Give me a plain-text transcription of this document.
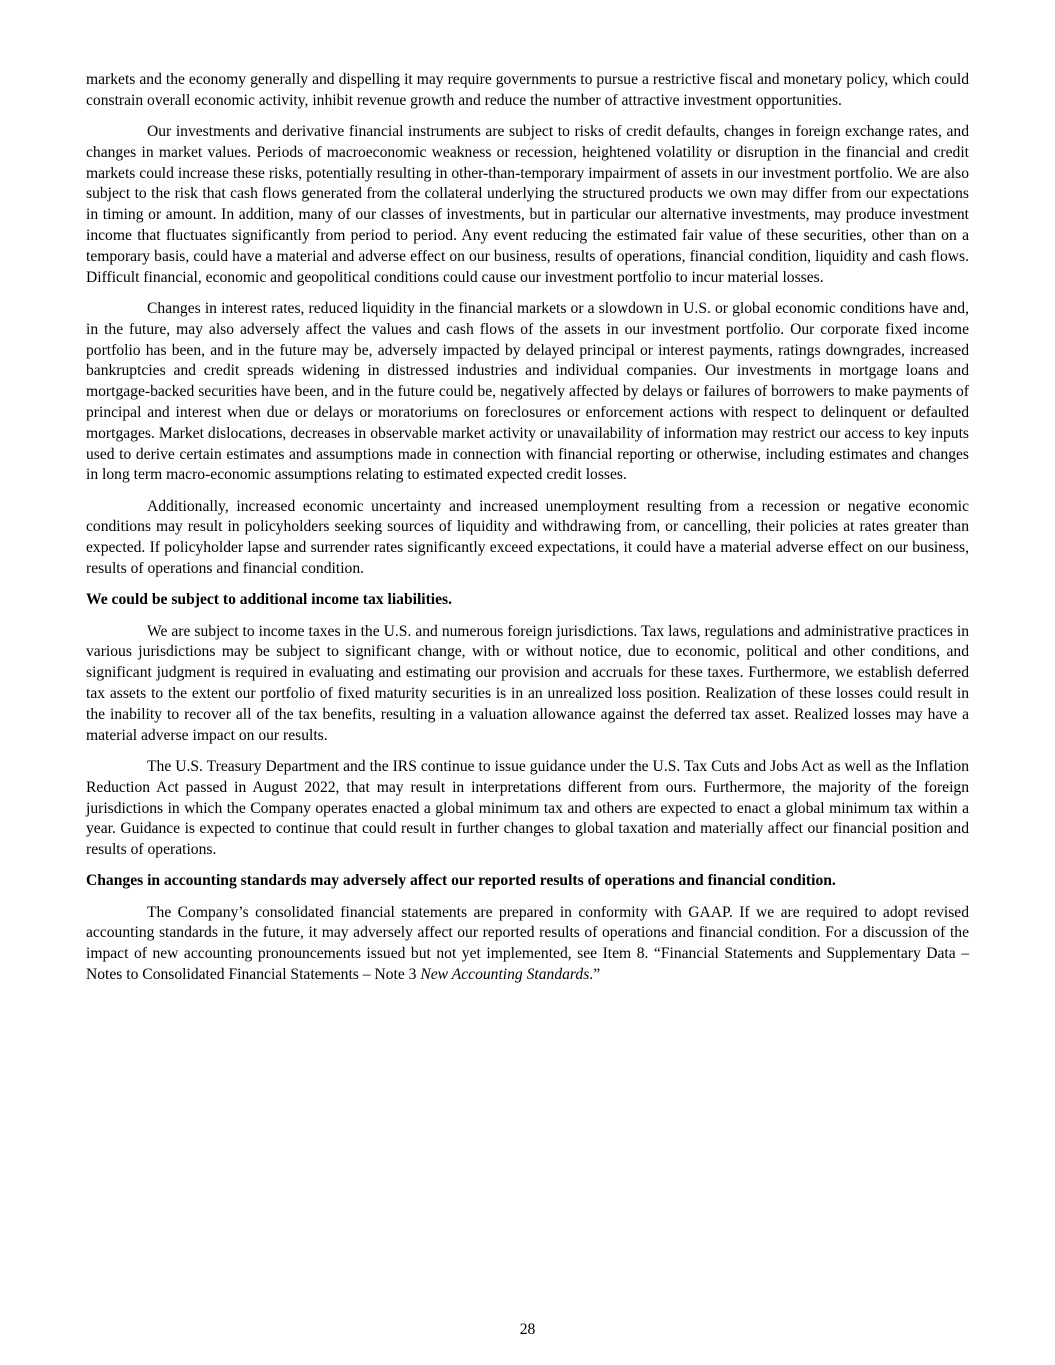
markets and the economy generally and dispelling it may require governments to pursue a restrictive fiscal and monetary policy, which could constrain overall economic activity, inhibit revenue growth and reduce the number of attractive investment opportunities.

Our investments and derivative financial instruments are subject to risks of credit defaults, changes in foreign exchange rates, and changes in market values. Periods of macroeconomic weakness or recession, heightened volatility or disruption in the financial and credit markets could increase these risks, potentially resulting in other-than-temporary impairment of assets in our investment portfolio. We are also subject to the risk that cash flows generated from the collateral underlying the structured products we own may differ from our expectations in timing or amount. In addition, many of our classes of investments, but in particular our alternative investments, may produce investment income that fluctuates significantly from period to period. Any event reducing the estimated fair value of these securities, other than on a temporary basis, could have a material and adverse effect on our business, results of operations, financial condition, liquidity and cash flows. Difficult financial, economic and geopolitical conditions could cause our investment portfolio to incur material losses.

Changes in interest rates, reduced liquidity in the financial markets or a slowdown in U.S. or global economic conditions have and, in the future, may also adversely affect the values and cash flows of the assets in our investment portfolio. Our corporate fixed income portfolio has been, and in the future may be, adversely impacted by delayed principal or interest payments, ratings downgrades, increased bankruptcies and credit spreads widening in distressed industries and individual companies. Our investments in mortgage loans and mortgage-backed securities have been, and in the future could be, negatively affected by delays or failures of borrowers to make payments of principal and interest when due or delays or moratoriums on foreclosures or enforcement actions with respect to delinquent or defaulted mortgages. Market dislocations, decreases in observable market activity or unavailability of information may restrict our access to key inputs used to derive certain estimates and assumptions made in connection with financial reporting or otherwise, including estimates and changes in long term macro-economic assumptions relating to estimated expected credit losses.

Additionally, increased economic uncertainty and increased unemployment resulting from a recession or negative economic conditions may result in policyholders seeking sources of liquidity and withdrawing from, or cancelling, their policies at rates greater than expected. If policyholder lapse and surrender rates significantly exceed expectations, it could have a material adverse effect on our business, results of operations and financial condition.

We could be subject to additional income tax liabilities.

We are subject to income taxes in the U.S. and numerous foreign jurisdictions. Tax laws, regulations and administrative practices in various jurisdictions may be subject to significant change, with or without notice, due to economic, political and other conditions, and significant judgment is required in evaluating and estimating our provision and accruals for these taxes. Furthermore, we establish deferred tax assets to the extent our portfolio of fixed maturity securities is in an unrealized loss position. Realization of these losses could result in the inability to recover all of the tax benefits, resulting in a valuation allowance against the deferred tax asset. Realized losses may have a material adverse impact on our results.

The U.S. Treasury Department and the IRS continue to issue guidance under the U.S. Tax Cuts and Jobs Act as well as the Inflation Reduction Act passed in August 2022, that may result in interpretations different from ours. Furthermore, the majority of the foreign jurisdictions in which the Company operates enacted a global minimum tax and others are expected to enact a global minimum tax within a year. Guidance is expected to continue that could result in further changes to global taxation and materially affect our financial position and results of operations.

Changes in accounting standards may adversely affect our reported results of operations and financial condition.

The Company’s consolidated financial statements are prepared in conformity with GAAP. If we are required to adopt revised accounting standards in the future, it may adversely affect our reported results of operations and financial condition. For a discussion of the impact of new accounting pronouncements issued but not yet implemented, see Item 8. “Financial Statements and Supplementary Data – Notes to Consolidated Financial Statements – Note 3 New Accounting Standards.”

28
